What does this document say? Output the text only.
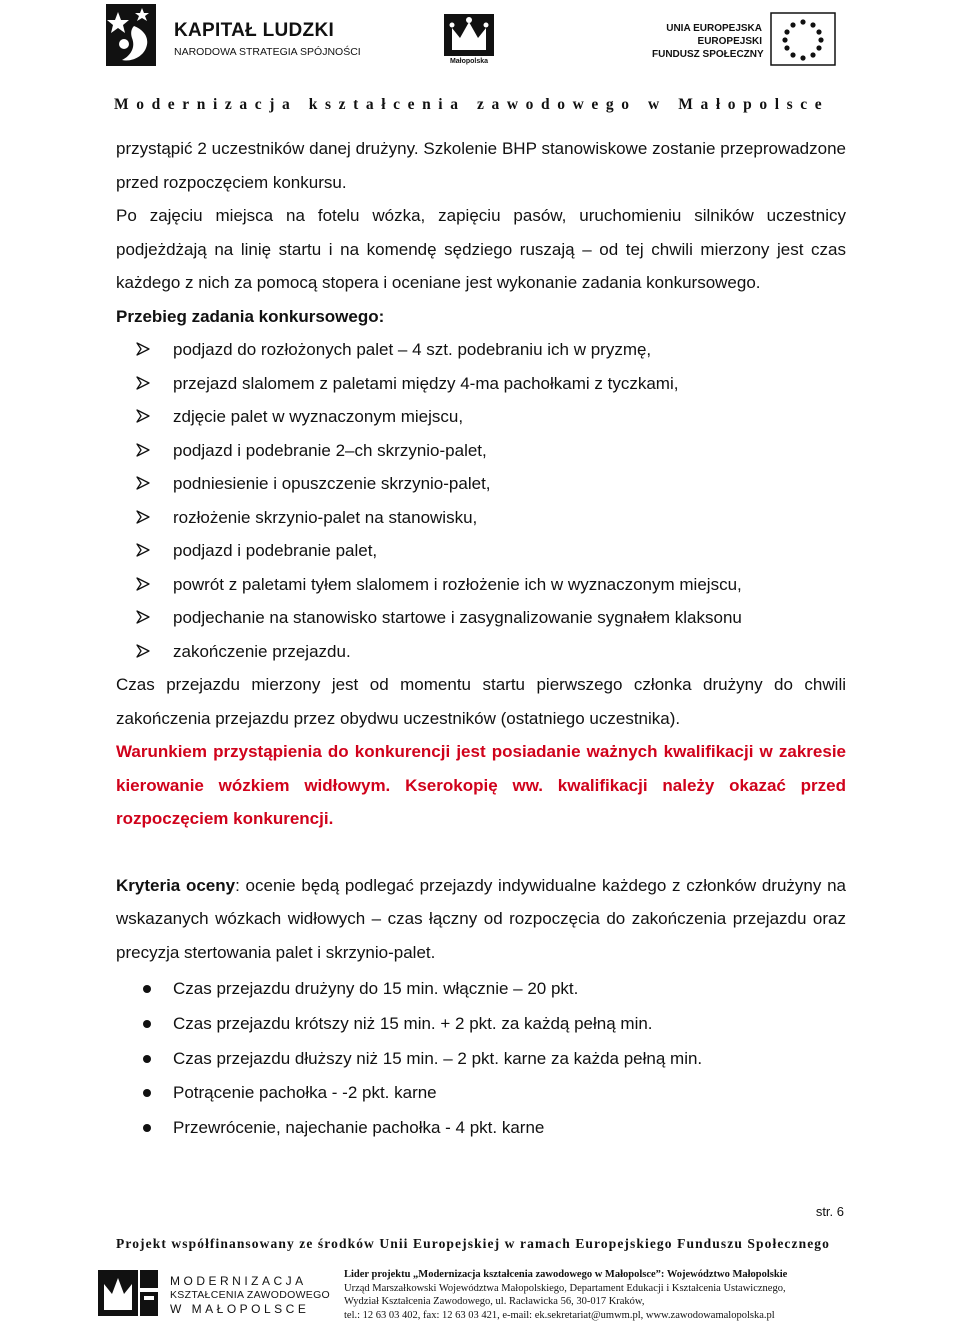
KAPITAŁ LUDZKI
NARODOWA STRATEGIA SPÓJNOŚCI
Małopolska
UNIA EUROPEJSKA
EUROPEJSKI
FUNDUSZ SPOŁECZNY
Modernizacja kształcenia zawodowego w Małopolsce

przystąpić 2 uczestników danej drużyny. Szkolenie BHP stanowiskowe zostanie przeprowadzone przed rozpoczęciem konkursu.

Po zajęciu miejsca na fotelu wózka, zapięciu pasów, uruchomieniu silników uczestnicy podjeżdżają na linię startu i na komendę sędziego ruszają – od tej chwili mierzony jest czas każdego z nich za pomocą stopera i oceniane jest wykonanie zadania konkursowego.

Przebieg zadania konkursowego:

podjazd do rozłożonych palet – 4 szt. podebraniu ich w pryzmę,
przejazd slalomem z paletami między 4-ma pachołkami z tyczkami,
zdjęcie palet w wyznaczonym miejscu,
podjazd i podebranie 2–ch skrzynio-palet,
podniesienie i opuszczenie skrzynio-palet,
rozłożenie skrzynio-palet na stanowisku,
podjazd i podebranie palet,
powrót z paletami tyłem slalomem i rozłożenie ich w wyznaczonym miejscu,
podjechanie na stanowisko startowe i zasygnalizowanie sygnałem klaksonu
zakończenie przejazdu.

Czas przejazdu mierzony jest od momentu startu pierwszego członka drużyny do chwili zakończenia przejazdu przez obydwu uczestników (ostatniego uczestnika).

Warunkiem przystąpienia do konkurencji jest posiadanie ważnych kwalifikacji w zakresie kierowanie wózkiem widłowym. Kserokopię ww. kwalifikacji należy okazać przed rozpoczęciem konkurencji.

Kryteria oceny: ocenie będą podlegać przejazdy indywidualne każdego z członków drużyny na wskazanych wózkach widłowych – czas łączny od rozpoczęcia do zakończenia przejazdu oraz precyzja stertowania palet i skrzynio-palet.

Czas przejazdu drużyny do 15 min. włącznie – 20 pkt.
Czas przejazdu krótszy niż 15 min. + 2 pkt. za każdą pełną min.
Czas przejazdu dłuższy niż 15 min. – 2 pkt. karne za każda pełną min.
Potrącenie pachołka - -2 pkt. karne
Przewrócenie, najechanie pachołka - 4 pkt. karne
str. 6
Projekt współfinansowany ze środków Unii Europejskiej w ramach Europejskiego Funduszu Społecznego
MODERNIZACJA
KSZTAŁCENIA ZAWODOWEGO
W MAŁOPOLSCE
Lider projektu „Modernizacja kształcenia zawodowego w Małopolsce”: Województwo Małopolskie
Urząd Marszałkowski Województwa Małopolskiego, Departament Edukacji i Kształcenia Ustawicznego,
Wydział Kształcenia Zawodowego, ul. Racławicka 56, 30-017 Kraków,
tel.: 12 63 03 402, fax: 12 63 03 421, e-mail: ek.sekretariat@umwm.pl, www.zawodowamalopolska.pl
